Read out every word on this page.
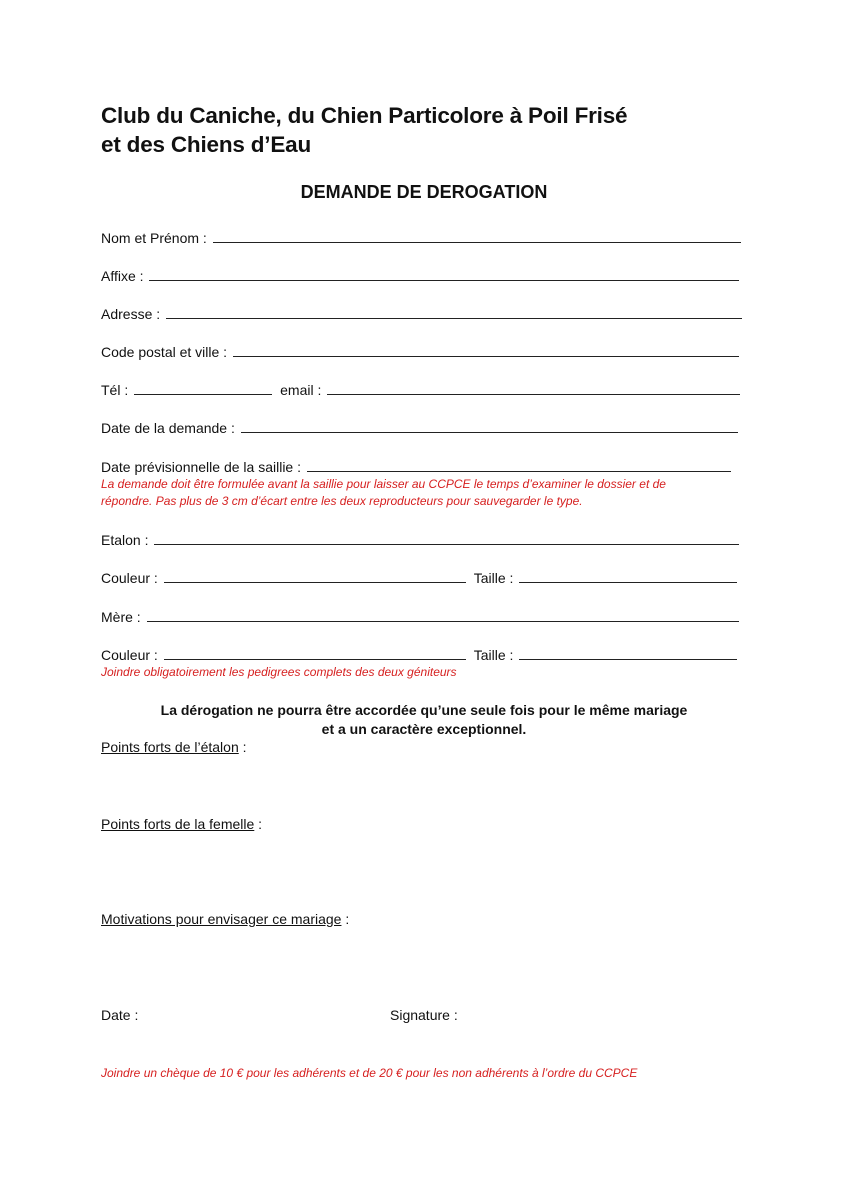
Club du Caniche, du Chien Particolore à Poil Frisé
et des Chiens d’Eau
DEMANDE DE DEROGATION
Nom et Prénom :
Affixe :
Adresse :
Code postal et ville :
Tél :	email :
Date de la demande :
Date prévisionnelle de la saillie :
La demande doit être formulée avant la saillie pour laisser au CCPCE le temps d’examiner le dossier et de
répondre. Pas plus de 3 cm d’écart entre les deux reproducteurs pour sauvegarder le type.
Etalon :
Couleur :	Taille :
Mère :
Couleur :	Taille :
Joindre obligatoirement les pedigrees complets des deux géniteurs
La dérogation ne pourra être accordée qu’une seule fois pour le même mariage
et a un caractère exceptionnel.
Points forts de l’étalon :
Points forts de la femelle :
Motivations pour envisager ce mariage :
Date :	Signature :
Joindre un chèque de 10 € pour les adhérents et de 20 € pour les non adhérents à l’ordre du CCPCE
